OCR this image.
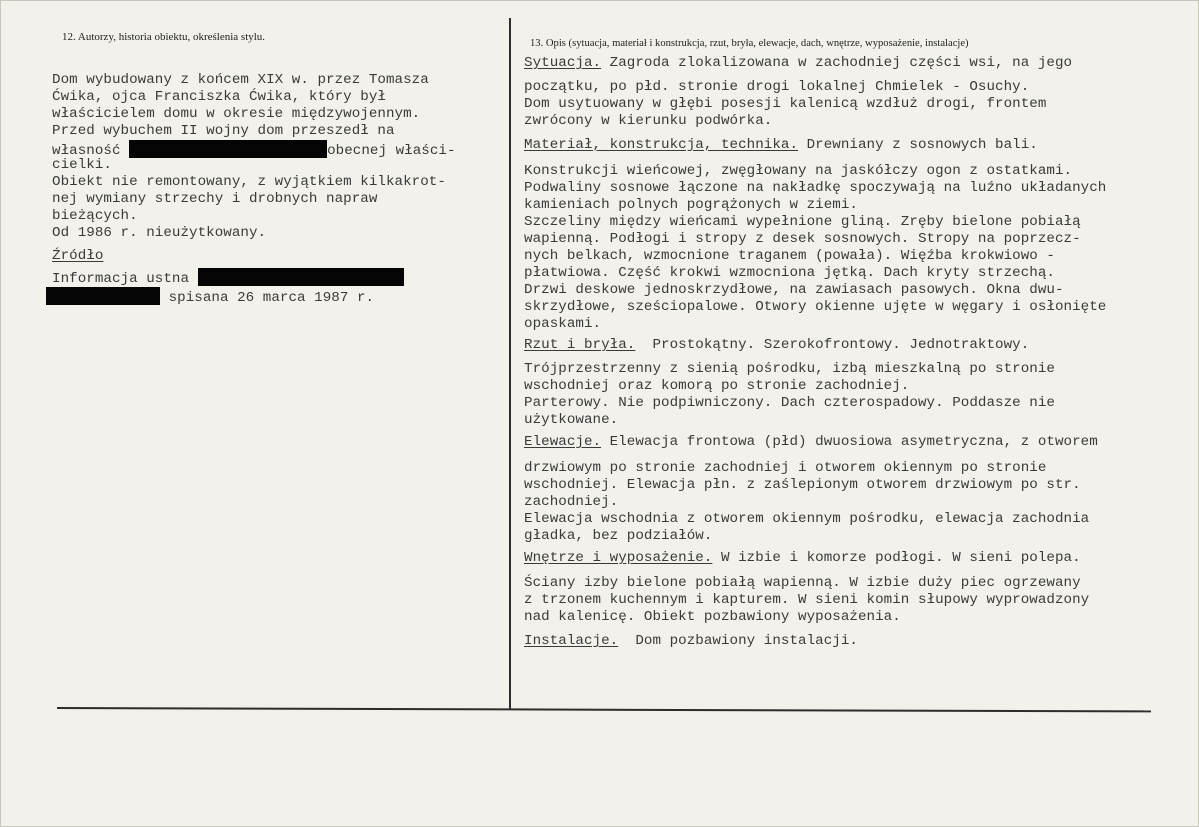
12. Autorzy, historia obiektu, określenia stylu.
Dom wybudowany z końcem XIX w. przez Tomasza
Ćwika, ojca Franciszka Ćwika, który był
właścicielem domu w okresie międzywojennym.
Przed wybuchem II wojny dom przeszedł na
własność	obecnej właści-
cielki.
Obiekt nie remontowany, z wyjątkiem kilkakrot-
nej wymiany strzechy i drobnych napraw
bieżących.
Od 1986 r. nieużytkowany.
Źródło
Informacja ustna
spisana 26 marca 1987 r.
13. Opis (sytuacja, materiał i konstrukcja, rzut, bryła, elewacje, dach, wnętrze, wyposażenie, instalacje)
Sytuacja. Zagroda zlokalizowana w zachodniej części wsi, na jego
początku, po płd. stronie drogi lokalnej Chmielek - Osuchy.
Dom usytuowany w głębi posesji kalenicą wzdłuż drogi, frontem
zwrócony w kierunku podwórka.
Materiał, konstrukcja, technika. Drewniany z sosnowych bali.
Konstrukcji wieńcowej, zwęgłowany na jaskółczy ogon z ostatkami.
Podwaliny sosnowe łączone na nakładkę spoczywają na luźno układanych
kamieniach polnych pogrążonych w ziemi.
Szczeliny między wieńcami wypełnione gliną. Zręby bielone pobiałą
wapienną. Podłogi i stropy z desek sosnowych. Stropy na poprzecz-
nych belkach, wzmocnione traganem (powała). Więźba krokwiowo -
płatwiowa. Część krokwi wzmocniona jętką. Dach kryty strzechą.
Drzwi deskowe jednoskrzydłowe, na zawiasach pasowych. Okna dwu-
skrzydłowe, sześciopalowe. Otwory okienne ujęte w węgary i osłonięte
opaskami.
Rzut i bryła.  Prostokątny. Szerokofrontowy. Jednotraktowy.
Trójprzestrzenny z sienią pośrodku, izbą mieszkalną po stronie
wschodniej oraz komorą po stronie zachodniej.
Parterowy. Nie podpiwniczony. Dach czterospadowy. Poddasze nie
użytkowane.
Elewacje. Elewacja frontowa (płd) dwuosiowa asymetryczna, z otworem
drzwiowym po stronie zachodniej i otworem okiennym po stronie
wschodniej. Elewacja płn. z zaślepionym otworem drzwiowym po str.
zachodniej.
Elewacja wschodnia z otworem okiennym pośrodku, elewacja zachodnia
gładka, bez podziałów.
Wnętrze i wyposażenie. W izbie i komorze podłogi. W sieni polepa.
Ściany izby bielone pobiałą wapienną. W izbie duży piec ogrzewany
z trzonem kuchennym i kapturem. W sieni komin słupowy wyprowadzony
nad kalenicę. Obiekt pozbawiony wyposażenia.
Instalacje.  Dom pozbawiony instalacji.
